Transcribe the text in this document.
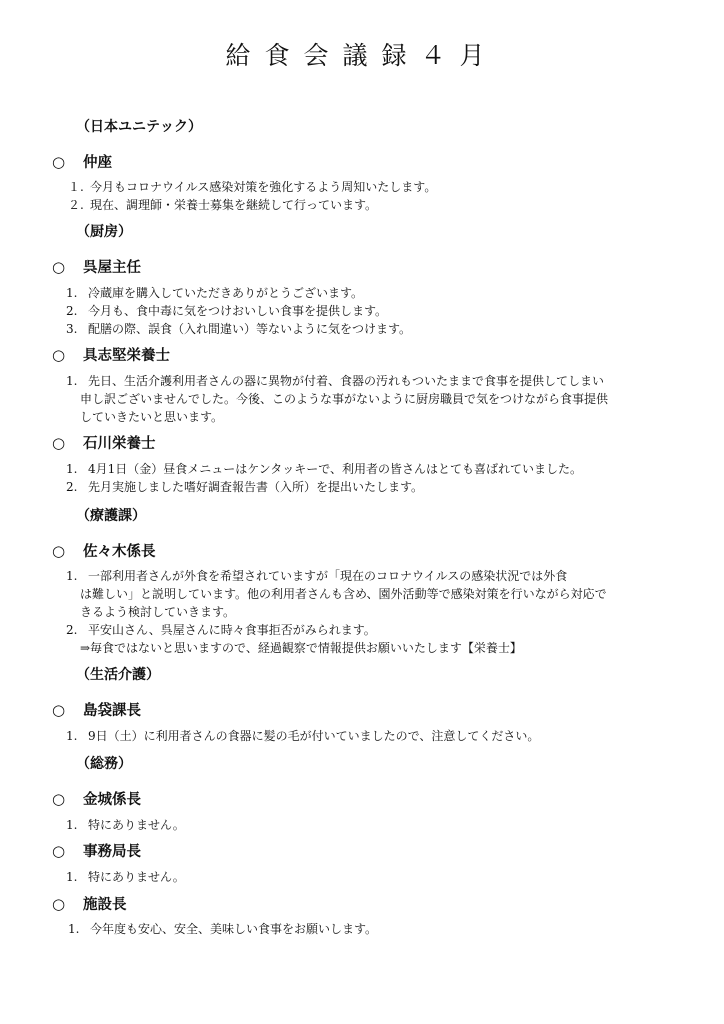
給食会議録４月
（日本ユニテック）
○ 仲座
１. 今月もコロナウイルス感染対策を強化するよう周知いたします。
２. 現在、調理師・栄養士募集を継続して行っています。
（厨房）
○ 呉屋主任
1. 冷蔵庫を購入していただきありがとうございます。
2. 今月も、食中毒に気をつけおいしい食事を提供します。
3. 配膳の際、誤食（入れ間違い）等ないように気をつけます。
○ 具志堅栄養士
1. 先日、生活介護利用者さんの器に異物が付着、食器の汚れもついたままで食事を提供してしまい
申し訳ございませんでした。今後、このような事がないように厨房職員で気をつけながら食事提供
していきたいと思います。
○ 石川栄養士
1. 4月1日（金）昼食メニューはケンタッキーで、利用者の皆さんはとても喜ばれていました。
2. 先月実施しました嗜好調査報告書（入所）を提出いたします。
（療護課）
○ 佐々木係長
1. 一部利用者さんが外食を希望されていますが「現在のコロナウイルスの感染状況では外食
は難しい」と説明しています。他の利用者さんも含め、園外活動等で感染対策を行いながら対応で
きるよう検討していきます。
2. 平安山さん、呉屋さんに時々食事拒否がみられます。
⇒毎食ではないと思いますので、経過観察で情報提供お願いいたします【栄養士】
（生活介護）
○ 島袋課長
1. 9日（土）に利用者さんの食器に髪の毛が付いていましたので、注意してください。
（総務）
○ 金城係長
1. 特にありません。
○ 事務局長
1. 特にありません。
○ 施設長
1. 今年度も安心、安全、美味しい食事をお願いします。
